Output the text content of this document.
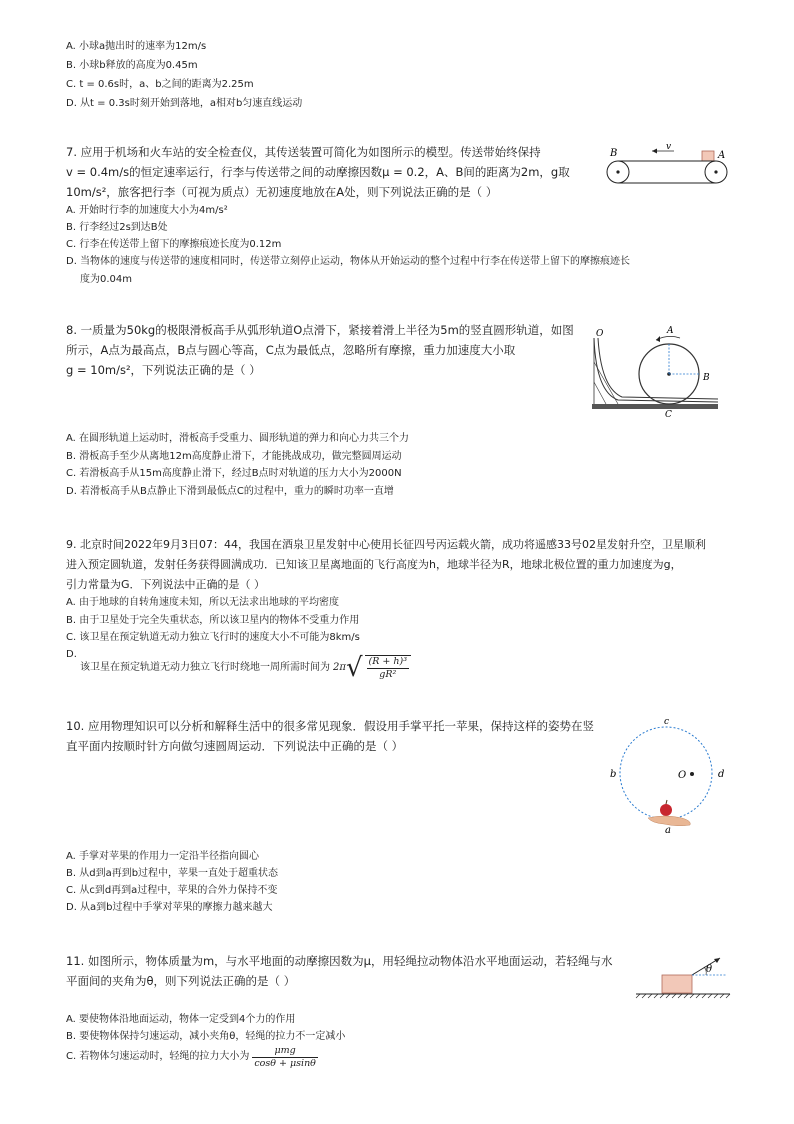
A. 小球a抛出时的速率为12m/s
B. 小球b释放的高度为0.45m
C. t = 0.6s时，a、b之间的距离为2.25m
D. 从t = 0.3s时刻开始到落地，a相对b匀速直线运动
7. 应用于机场和火车站的安全检查仪，其传送装置可简化为如图所示的模型。传送带始终保持
v = 0.4m/s的恒定速率运行，行李与传送带之间的动摩擦因数μ = 0.2，A、B间的距离为2m，g取
10m/s²，旅客把行李（可视为质点）无初速度地放在A处，则下列说法正确的是（ ）
B	A
v
A. 开始时行李的加速度大小为4m/s²
B. 行李经过2s到达B处
C. 行李在传送带上留下的摩擦痕迹长度为0.12m
D. 当物体的速度与传送带的速度相同时，传送带立刻停止运动，物体从开始运动的整个过程中行李在传送带上留下的摩擦痕迹长
度为0.04m
8. 一质量为50kg的极限滑板高手从弧形轨道O点滑下，紧接着滑上半径为5m的竖直圆形轨道，如图
所示，A点为最高点，B点与圆心等高，C点为最低点，忽略所有摩擦，重力加速度大小取
g = 10m/s²，下列说法正确的是（ ）
O	A
B
C
A. 在圆形轨道上运动时，滑板高手受重力、圆形轨道的弹力和向心力共三个力
B. 滑板高手至少从离地12m高度静止滑下，才能挑战成功，做完整圆周运动
C. 若滑板高手从15m高度静止滑下，经过B点时对轨道的压力大小为2000N
D. 若滑板高手从B点静止下滑到最低点C的过程中，重力的瞬时功率一直增
9. 北京时间2022年9月3日07：44，我国在酒泉卫星发射中心使用长征四号丙运载火箭，成功将遥感33号02星发射升空，卫星顺利
进入预定圆轨道，发射任务获得圆满成功．已知该卫星离地面的飞行高度为h，地球半径为R，地球北极位置的重力加速度为g，
引力常量为G．下列说法中正确的是（ ）
A. 由于地球的自转角速度未知，所以无法求出地球的平均密度
B. 由于卫星处于完全失重状态，所以该卫星内的物体不受重力作用
C. 该卫星在预定轨道无动力独立飞行时的速度大小不可能为8km/s
D.
该卫星在预定轨道无动力独立飞行时绕地一周所需时间为 2π √ $\frac{\text{(R + h)³}}{\text{gR²}}$
10. 应用物理知识可以分析和解释生活中的很多常见现象．假设用手掌平托一苹果，保持这样的姿势在竖
直平面内按顺时针方向做匀速圆周运动．下列说法中正确的是（ ）
O
c
b	d
a
A. 手掌对苹果的作用力一定沿半径指向圆心
B. 从d到a再到b过程中，苹果一直处于超重状态
C. 从c到d再到a过程中，苹果的合外力保持不变
D. 从a到b过程中手掌对苹果的摩擦力越来越大
11. 如图所示，物体质量为m，与水平地面的动摩擦因数为μ，用轻绳拉动物体沿水平地面运动，若轻绳与水
平面间的夹角为θ，则下列说法正确的是（ ）
θ
A. 要使物体沿地面运动，物体一定受到4个力的作用
B. 要使物体保持匀速运动，减小夹角θ，轻绳的拉力不一定减小
C. 若物体匀速运动时，轻绳的拉力大小为 $\frac{\text{μmg}}{\cos\theta + \mu\sin\theta}$
